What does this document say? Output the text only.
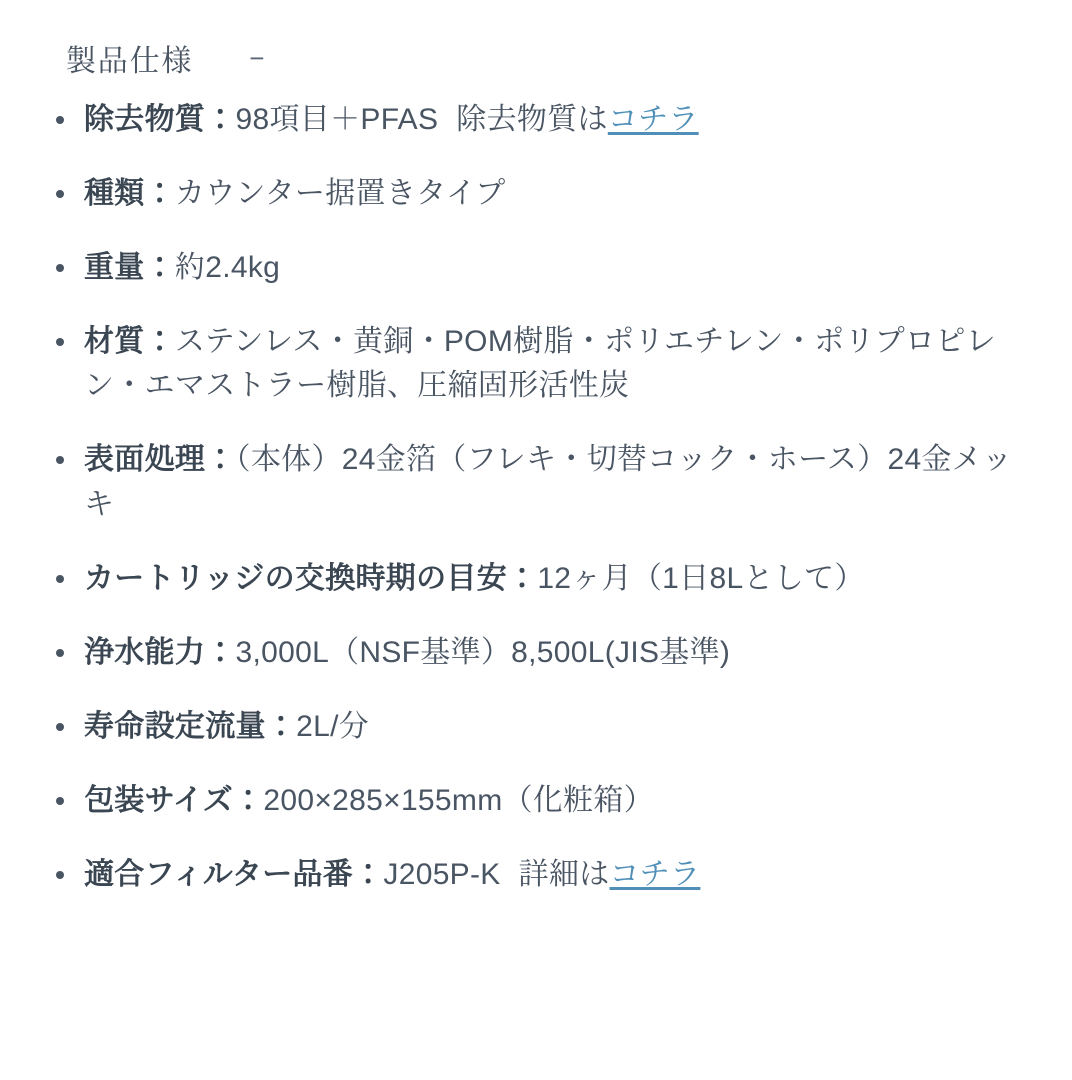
製品仕様 −
除去物質：98項目＋PFAS 除去物質はコチラ
種類：カウンター据置きタイプ
重量：約2.4kg
材質：ステンレス・黄銅・POM樹脂・ポリエチレン・ポリプロピレン・エマストラー樹脂、圧縮固形活性炭
表面処理：（本体）24金箔（フレキ・切替コック・ホース）24金メッキ
カートリッジの交換時期の目安：12ヶ月（1日8Lとして）
浄水能力：3,000L（NSF基準）8,500L(JIS基準)
寿命設定流量：2L/分
包装サイズ：200×285×155mm（化粧箱）
適合フィルター品番：J205P-K 詳細はコチラ
